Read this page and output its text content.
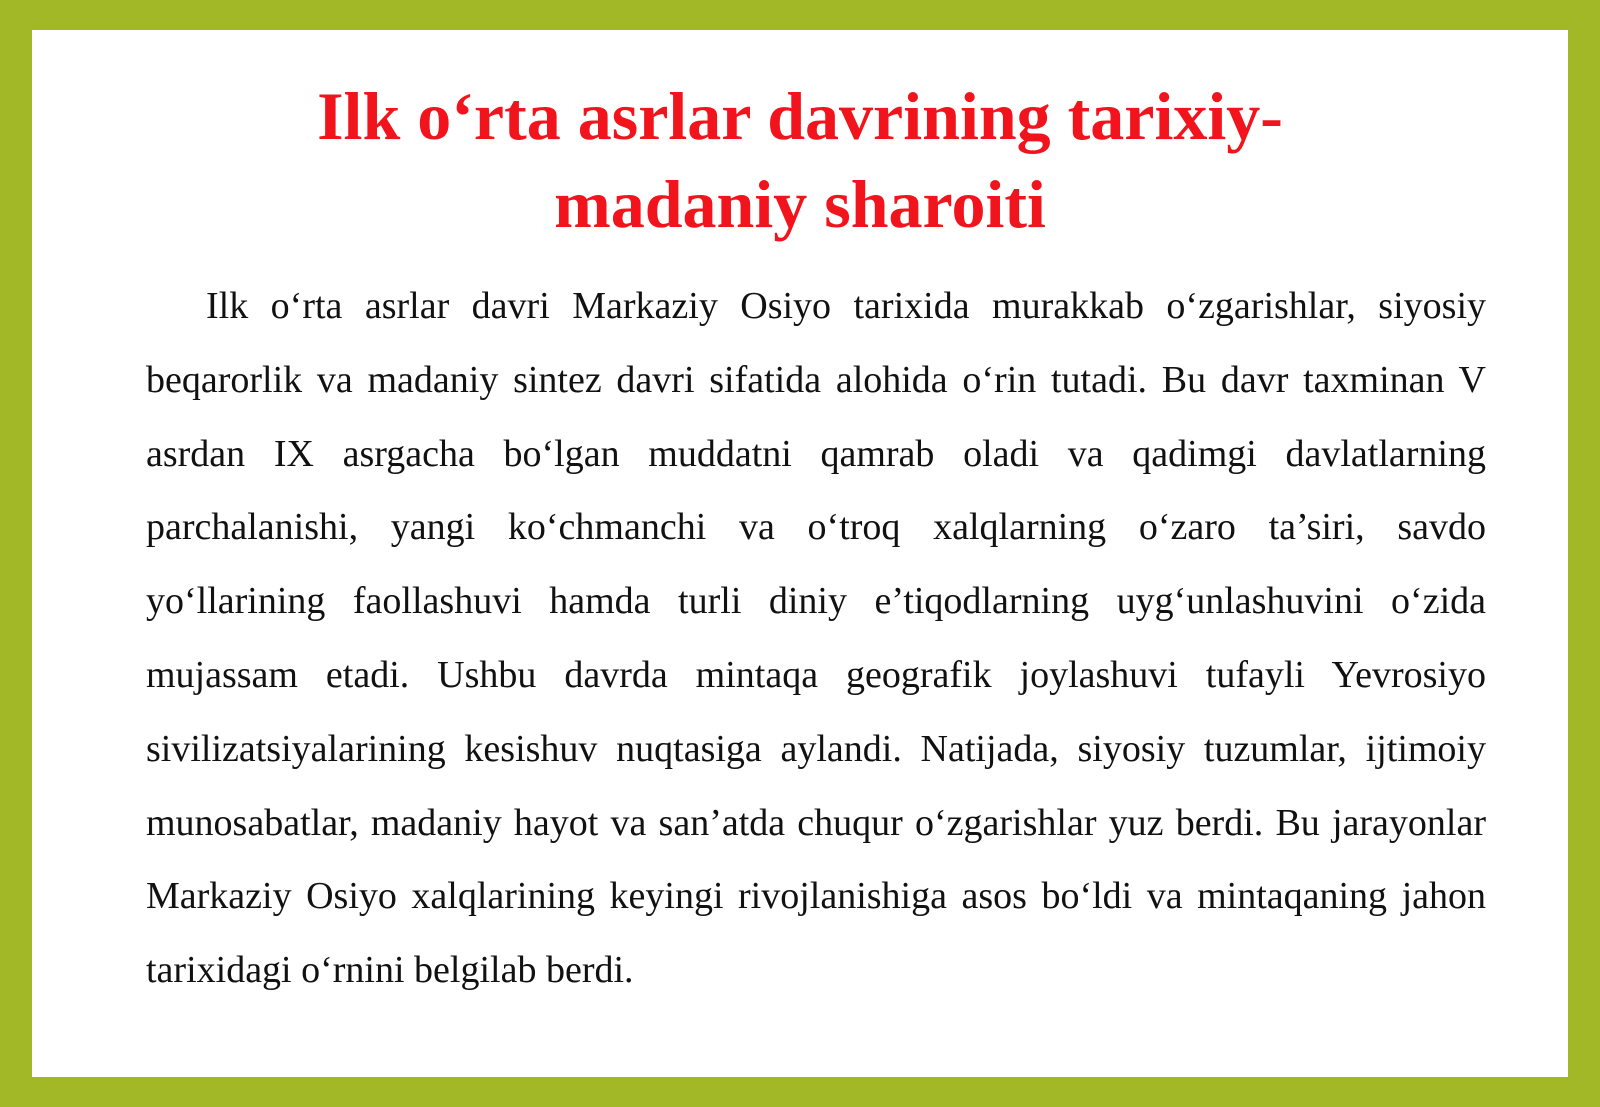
Ilk o‘rta asrlar davrining tarixiy-
madaniy sharoiti

Ilk o‘rta asrlar davri Markaziy Osiyo tarixida murakkab o‘zgarishlar, siyosiy beqarorlik va madaniy sintez davri sifatida alohida o‘rin tutadi. Bu davr taxminan V asrdan IX asrgacha bo‘lgan muddatni qamrab oladi va qadimgi davlatlarning parchalanishi, yangi ko‘chmanchi va o‘troq xalqlarning o‘zaro ta’siri, savdo yo‘llarining faollashuvi hamda turli diniy e’tiqodlarning uyg‘unlashuvini o‘zida mujassam etadi. Ushbu davrda mintaqa geografik joylashuvi tufayli Yevrosiyo sivilizatsiyalarining kesishuv nuqtasiga aylandi. Natijada, siyosiy tuzumlar, ijtimoiy munosabatlar, madaniy hayot va san’atda chuqur o‘zgarishlar yuz berdi. Bu jarayonlar Markaziy Osiyo xalqlarining keyingi rivojlanishiga asos bo‘ldi va mintaqaning jahon tarixidagi o‘rnini belgilab berdi.
